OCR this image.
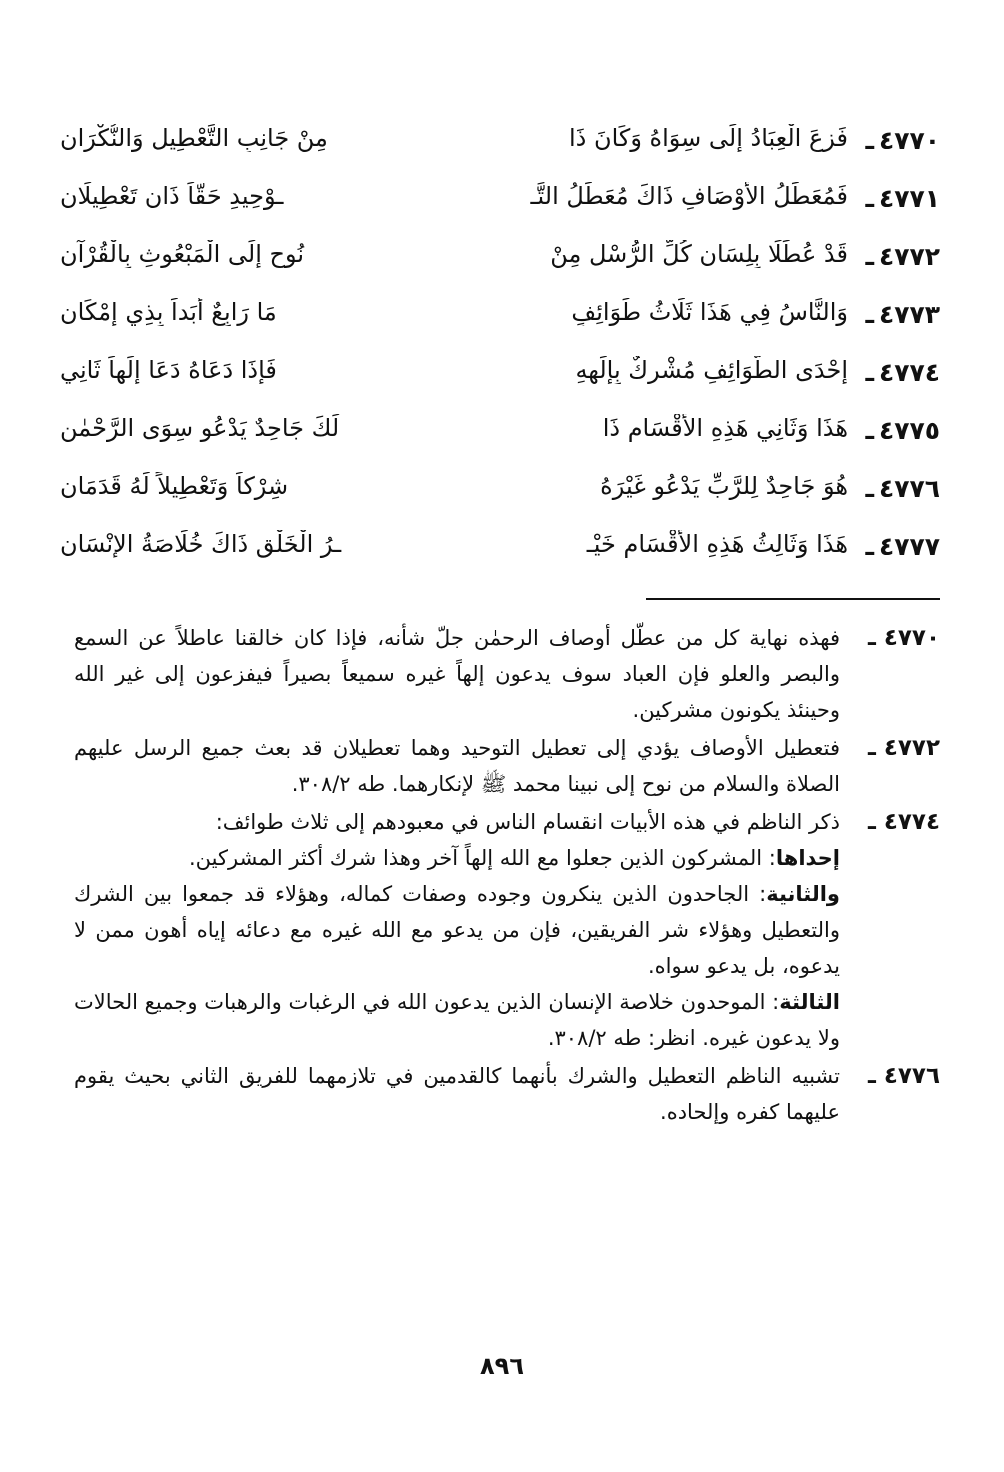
٤٧٧٠
ـ
فَزِعَ الْعِبَادُ إِلَى سِوَاهُ وَكَانَ ذَا
مِنْ جَانِبِ التَّعْطِيلِ وَالنُّكْرَانِ
٤٧٧١
ـ
فَمُعَطِّلُ الأَوْصَافِ ذَاكَ مُعَطِّلُ التَّـ
ـوْحِيدِ حَقّاً ذَانِ تَعْطِيلَانِ
٤٧٧٢
ـ
قَدْ عُطِّلَا بِلِسَانِ كُلِّ الرُّسْلِ مِنْ
نُوحٍ إِلَى الْمَبْعُوثِ بِالْقُرْآنِ
٤٧٧٣
ـ
وَالنَّاسُ فِي هَذَا ثَلَاثُ طَوَائِفٍ
مَا رَابِعٌ أَبَداً بِذِي إِمْكَانِ
٤٧٧٤
ـ
إِحْدَى الطَّوَائِفِ مُشْرِكٌ بِإِلَهِهِ
فَإِذَا دَعَاهُ دَعَا إِلَهاً ثَانِي
٤٧٧٥
ـ
هَذَا وَثَانِي هَذِهِ الأَقْسَامِ ذَا
لَكَ جَاحِدٌ يَدْعُو سِوَى الرَّحْمٰنِ
٤٧٧٦
ـ
هُوَ جَاحِدٌ لِلرَّبِّ يَدْعُو غَيْرَهُ
شِرْكاً وَتَعْطِيلاً لَهُ قَدَمَانِ
٤٧٧٧
ـ
هَذَا وَثَالِثُ هَذِهِ الأَقْسَامِ خَيْـ
ـرُ الْخَلْقِ ذَاكَ خُلَاصَةُ الإِنْسَانِ
٤٧٧٠ ـ
فهذه نهاية كل من عطّل أوصاف الرحمٰن جلّ شأنه، فإذا كان خالقنا عاطلاً عن السمع والبصر والعلو فإن العباد سوف يدعون إلهاً غيره سميعاً بصيراً فيفزعون إلى غير الله وحينئذ يكونون مشركين.
٤٧٧٢ ـ
فتعطيل الأوصاف يؤدي إلى تعطيل التوحيد وهما تعطيلان قد بعث جميع الرسل عليهم الصلاة والسلام من نوح إلى نبينا محمد ﷺ لإنكارهما. طه ٣٠٨/٢.
٤٧٧٤ ـ
ذكر الناظم في هذه الأبيات انقسام الناس في معبودهم إلى ثلاث طوائف:
إحداها: المشركون الذين جعلوا مع الله إلهاً آخر وهذا شرك أكثر المشركين.
والثانية: الجاحدون الذين ينكرون وجوده وصفات كماله، وهؤلاء قد جمعوا بين الشرك والتعطيل وهؤلاء شر الفريقين، فإن من يدعو مع الله غيره مع دعائه إياه أهون ممن لا يدعوه، بل يدعو سواه.
الثالثة: الموحدون خلاصة الإنسان الذين يدعون الله في الرغبات والرهبات وجميع الحالات ولا يدعون غيره. انظر: طه ٣٠٨/٢.
٤٧٧٦ ـ
تشبيه الناظم التعطيل والشرك بأنهما كالقدمين في تلازمهما للفريق الثاني بحيث يقوم عليهما كفره وإلحاده.
٨٩٦
